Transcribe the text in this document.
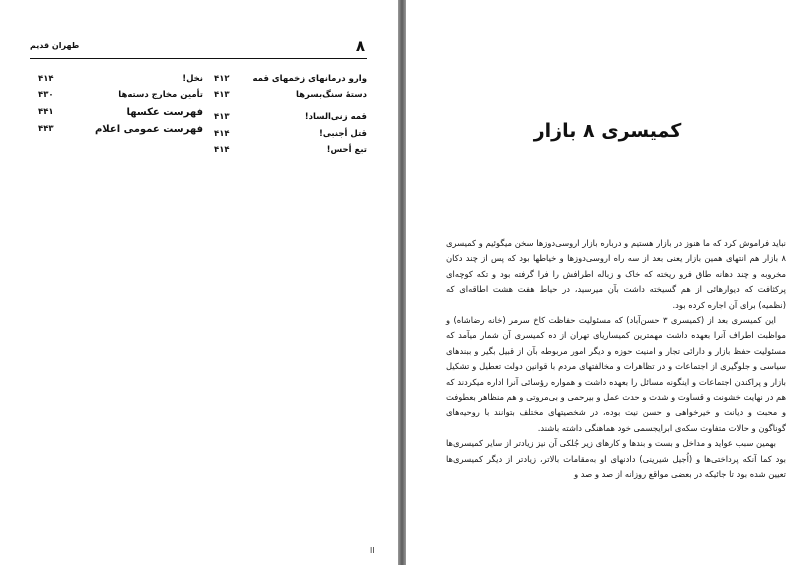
۸
طهران قدیم
وارو درمانهای زخمهای قمه
۴۱۲
دستهٔ سنگ‌بسرها
۴۱۳
قمه زنی‌الساد!
۴۱۳
قتل أجنبی!
۴۱۴
تبع أحس!
۴۱۴
نخل!
۴۱۴
تأمین مخارج دسته‌ها
۴۳۰
فهرست عکسها
۴۴۱
فهرست عمومی اعلام
۴۴۳
اا
کمیسری ۸ بازار

نباید فراموش کرد که ما هنوز در بازار هستیم و درباره بازار اروسی‌دوزها سخن میگوئیم و کمیسری ۸ بازار هم انتهای همین بازار یعنی بعد از سه راه اروسی‌دوزها و خیاطها بود که پس از چند دکان مخروبه و چند دهانه طاق فرو ریخته که خاک و زباله اطرافش را فرا گرفته بود و تکه کوچه‌ای پرکثافت که دیوارهائی از هم گسیخته داشت بآن میرسید، در حیاط هفت هشت اطاقه‌ای که (نظمیه) برای آن اجاره کرده بود.

این کمیسری بعد از (کمیسری ۳ حسن‌آباد) که مسئولیت حفاظت کاخ سرمر (خانه رضاشاه) و مواظبت اطراف آنرا بعهده داشت مهمترین کمیساریای تهران از ده کمیسری آن شمار میآمد که مسئولیت حفظ بازار و دارائی تجار و امنیت حوزه و دیگر امور مربوطه بآن از قبیل بگیر و ببندهای سیاسی و جلوگیری از اجتماعات و در تظاهرات و مخالفتهای مردم با قوانین دولت تعطیل و تشکیل بازار و پراکندن اجتماعات و اینگونه مسائل را بعهده داشت و همواره رؤسائی آنرا اداره میکردند که هم در نهایت خشونت و قساوت و شدت و حدت عمل و بیرحمی و بی‌مروتی و هم منظاهر بعطوفت و محبت و دیانت و خیرخواهی و حسن نیت بوده، در شخصیتهای مختلف بتوانند با روحیه‌های گوناگون و حالات متفاوت سکه‌ی ابرایجسمی خود هماهنگی داشته باشند.

بهمین سبب عواید و مداخل و بست و بندها و کارهای زیر جُلکی آن نیز زیادتر از سایر کمیسری‌ها بود کما آنکه پرداختی‌ها و (اُجیل شیرینی) دادنهای او به‌مقامات بالاتر، زیادتر از دیگر کمیسری‌ها تعیین شده بود تا جائیکه در بعضی مواقع روزانه از صد و صد و
